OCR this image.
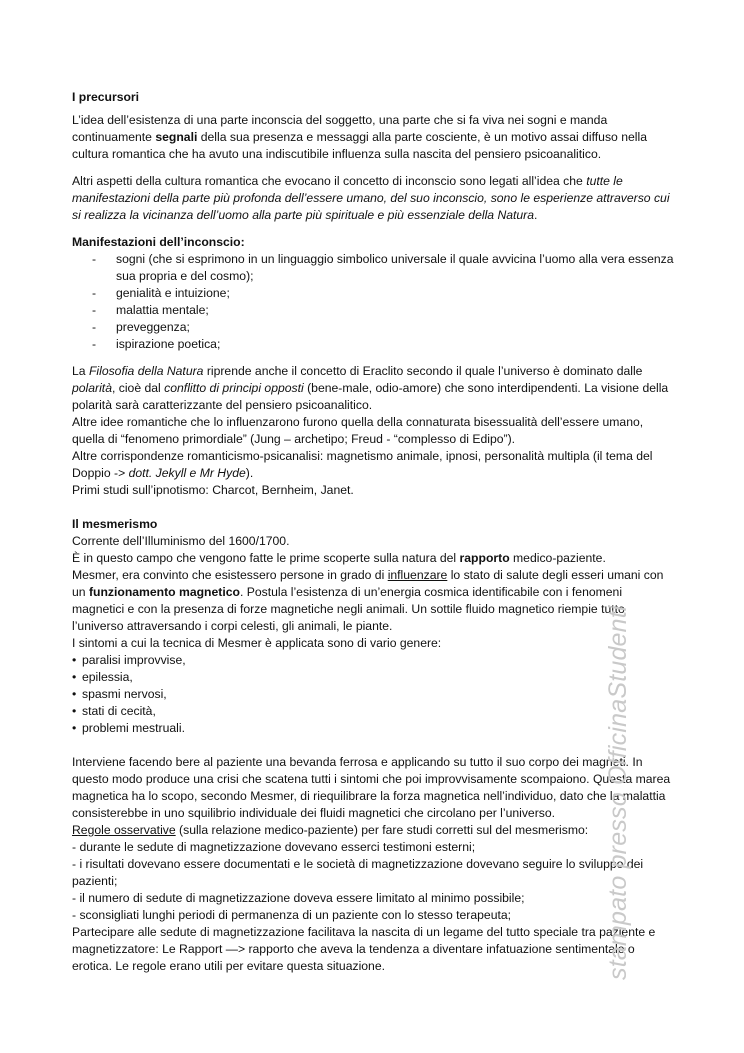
I precursori

L’idea dell’esistenza di una parte inconscia del soggetto, una parte che si fa viva nei sogni e manda continuamente segnali della sua presenza e messaggi alla parte cosciente, è un motivo assai diffuso nella cultura romantica che ha avuto una indiscutibile influenza sulla nascita del pensiero psicoanalitico.

Altri aspetti della cultura romantica che evocano il concetto di inconscio sono legati all’idea che tutte le manifestazioni della parte più profonda dell’essere umano, del suo inconscio, sono le esperienze attraverso cui si realizza la vicinanza dell’uomo alla parte più spirituale e più essenziale della Natura.

Manifestazioni dell’inconscio:

- sogni (che si esprimono in un linguaggio simbolico universale il quale avvicina l’uomo alla vera essenza sua propria e del cosmo);
- genialità e intuizione;
- malattia mentale;
- preveggenza;
- ispirazione poetica;

La Filosofia della Natura riprende anche il concetto di Eraclito secondo il quale l’universo è dominato dalle polarità, cioè dal conflitto di principi opposti (bene-male, odio-amore) che sono interdipendenti. La visione della polarità sarà caratterizzante del pensiero psicoanalitico.

Altre idee romantiche che lo influenzarono furono quella della connaturata bisessualità dell’essere umano, quella di “fenomeno primordiale” (Jung – archetipo; Freud - “complesso di Edipo”).

Altre corrispondenze romanticismo-psicanalisi: magnetismo animale, ipnosi, personalità multipla (il tema del Doppio -> dott. Jekyll e Mr Hyde).

Primi studi sull’ipnotismo: Charcot, Bernheim, Janet.

Il mesmerismo

Corrente dell’Illuminismo del 1600/1700.

È in questo campo che vengono fatte le prime scoperte sulla natura del rapporto medico-paziente.

Mesmer, era convinto che esistessero persone in grado di influenzare lo stato di salute degli esseri umani con un funzionamento magnetico. Postula l’esistenza di un’energia cosmica identificabile con i fenomeni magnetici e con la presenza di forze magnetiche negli animali. Un sottile fluido magnetico riempie tutto l’universo attraversando i corpi celesti, gli animali, le piante.

I sintomi a cui la tecnica di Mesmer è applicata sono di vario genere:

• paralisi improvvise,
• epilessia,
• spasmi nervosi,
• stati di cecità,
• problemi mestruali.

Interviene facendo bere al paziente una bevanda ferrosa e applicando su tutto il suo corpo dei magneti. In questo modo produce una crisi che scatena tutti i sintomi che poi improvvisamente scompaiono. Questa marea magnetica ha lo scopo, secondo Mesmer, di riequilibrare la forza magnetica nell’individuo, dato che la malattia consisterebbe in uno squilibrio individuale dei fluidi magnetici che circolano per l’universo.

Regole osservative (sulla relazione medico-paziente) per fare studi corretti sul del mesmerismo:

- durante le sedute di magnetizzazione dovevano esserci testimoni esterni;

- i risultati dovevano essere documentati e le società di magnetizzazione dovevano seguire lo sviluppo dei pazienti;

- il numero di sedute di magnetizzazione doveva essere limitato al minimo possibile;

- sconsigliati lunghi periodi di permanenza di un paziente con lo stesso terapeuta;

Partecipare alle sedute di magnetizzazione facilitava la nascita di un legame del tutto speciale tra paziente e magnetizzatore: Le Rapport —> rapporto che aveva la tendenza a diventare infatuazione sentimentale o erotica. Le regole erano utili per evitare questa situazione.	stampato presso OfficinaStudenti
